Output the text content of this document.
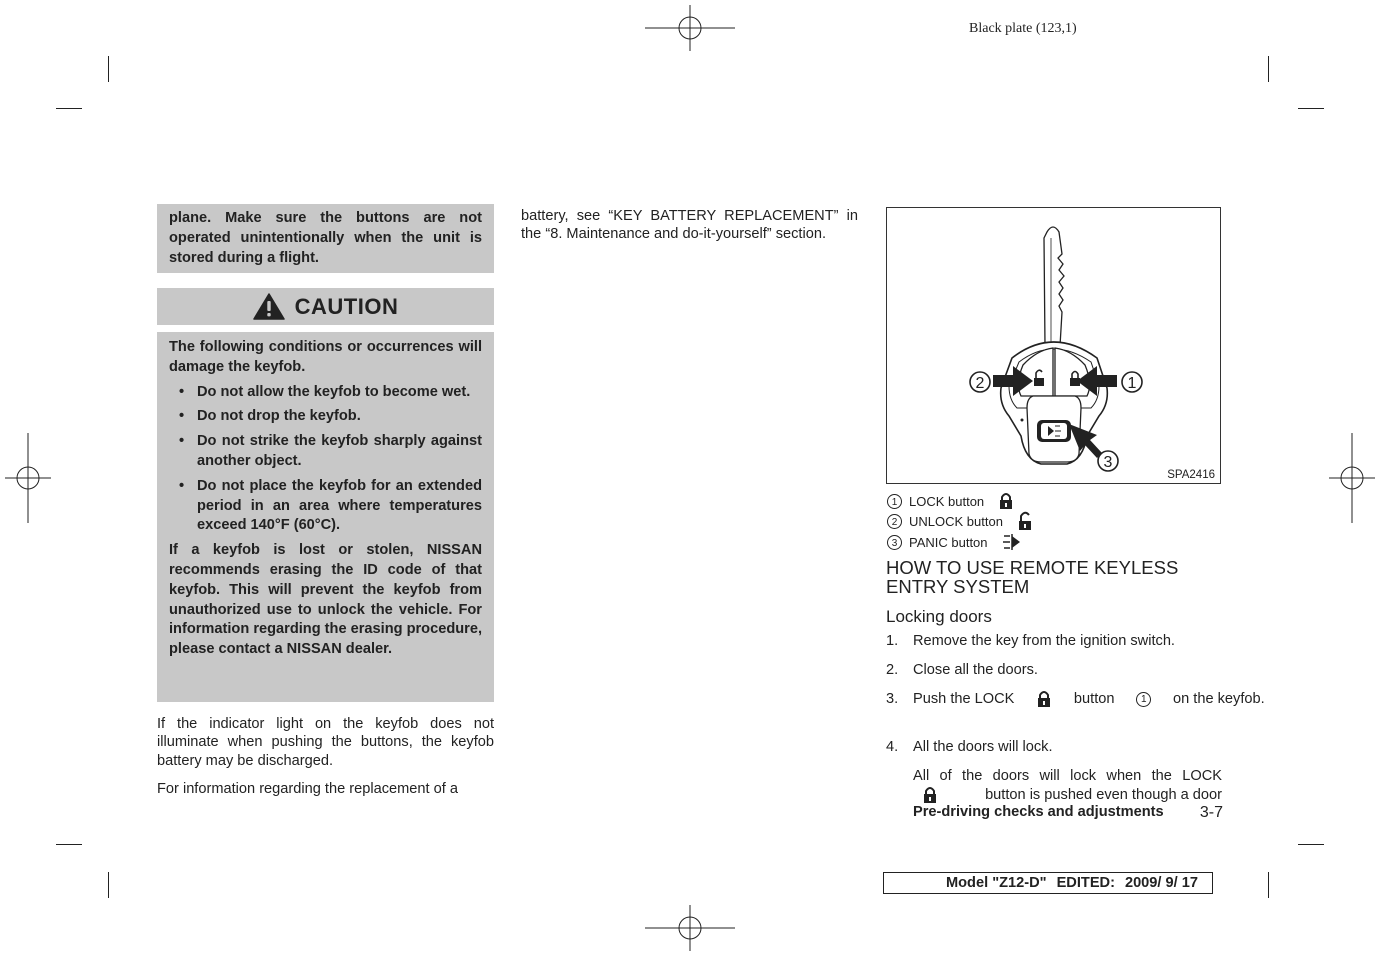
Black plate (123,1)
plane. Make sure the buttons are not operated unintentionally when the unit is stored during a flight.
CAUTION
The following conditions or occurrences will damage the keyfob.
• Do not allow the keyfob to become wet.
• Do not drop the keyfob.
• Do not strike the keyfob sharply against another object.
• Do not place the keyfob for an extended period in an area where temperatures exceed 140°F (60°C).
If a keyfob is lost or stolen, NISSAN recommends erasing the ID code of that keyfob. This will prevent the keyfob from unauthorized use to unlock the vehicle. For information regarding the erasing procedure, please contact a NISSAN dealer.
If the indicator light on the keyfob does not illuminate when pushing the buttons, the keyfob battery may be discharged.
For information regarding the replacement of a
battery, see “KEY BATTERY REPLACEMENT” in the “8. Maintenance and do-it-yourself” section.
2	1
3
SPA2416
1 LOCK button
2 UNLOCK button
3 PANIC button
HOW TO USE REMOTE KEYLESS ENTRY SYSTEM
Locking doors
1. Remove the key from the ignition switch.
2. Close all the doors.
3. Push the LOCK	button	1	on the keyfob.
4. All the doors will lock.
All of the doors will lock when the LOCK
button is pushed even though a door
Pre-driving checks and adjustments 3-7
Model "Z12-D" EDITED: 2009/ 9/ 17
